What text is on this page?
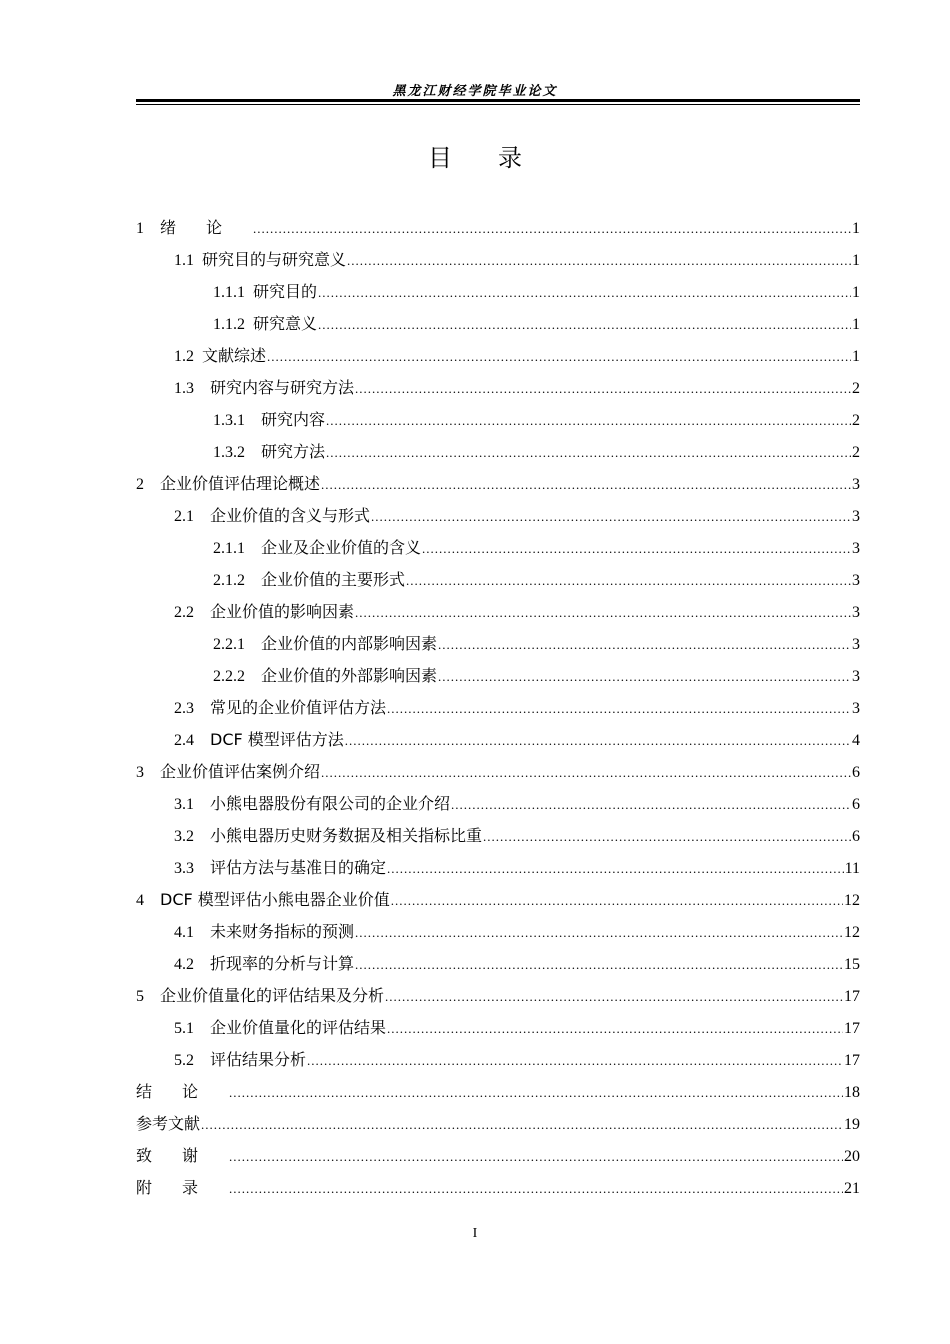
黑龙江财经学院毕业论文
目录
1 绪论 .....	1
1.1 研究目的与研究意义 .....	1
1.1.1 研究目的 .....	1
1.1.2 研究意义 .....	1
1.2 文献综述 .....	1
1.3 研究内容与研究方法 .....	2
1.3.1 研究内容 .....	2
1.3.2 研究方法 .....	2
2 企业价值评估理论概述 .....	3
2.1 企业价值的含义与形式 .....	3
2.1.1 企业及企业价值的含义 .....	3
2.1.2 企业价值的主要形式 .....	3
2.2 企业价值的影响因素 .....	3
2.2.1 企业价值的内部影响因素 .....	3
2.2.2 企业价值的外部影响因素 .....	3
2.3 常见的企业价值评估方法 .....	3
2.4 DCF 模型评估方法 .....	4
3 企业价值评估案例介绍 .....	6
3.1 小熊电器股份有限公司的企业介绍 .....	6
3.2 小熊电器历史财务数据及相关指标比重 .....	6
3.3 评估方法与基准日的确定 .....	11
4 DCF 模型评估小熊电器企业价值 .....	12
4.1 未来财务指标的预测 .....	12
4.2 折现率的分析与计算 .....	15
5 企业价值量化的评估结果及分析 .....	17
5.1 企业价值量化的评估结果 .....	17
5.2 评估结果分析 .....	17
结论 .....	18
参考文献 .....	19
致谢 .....	20
附录 .....	21
I
